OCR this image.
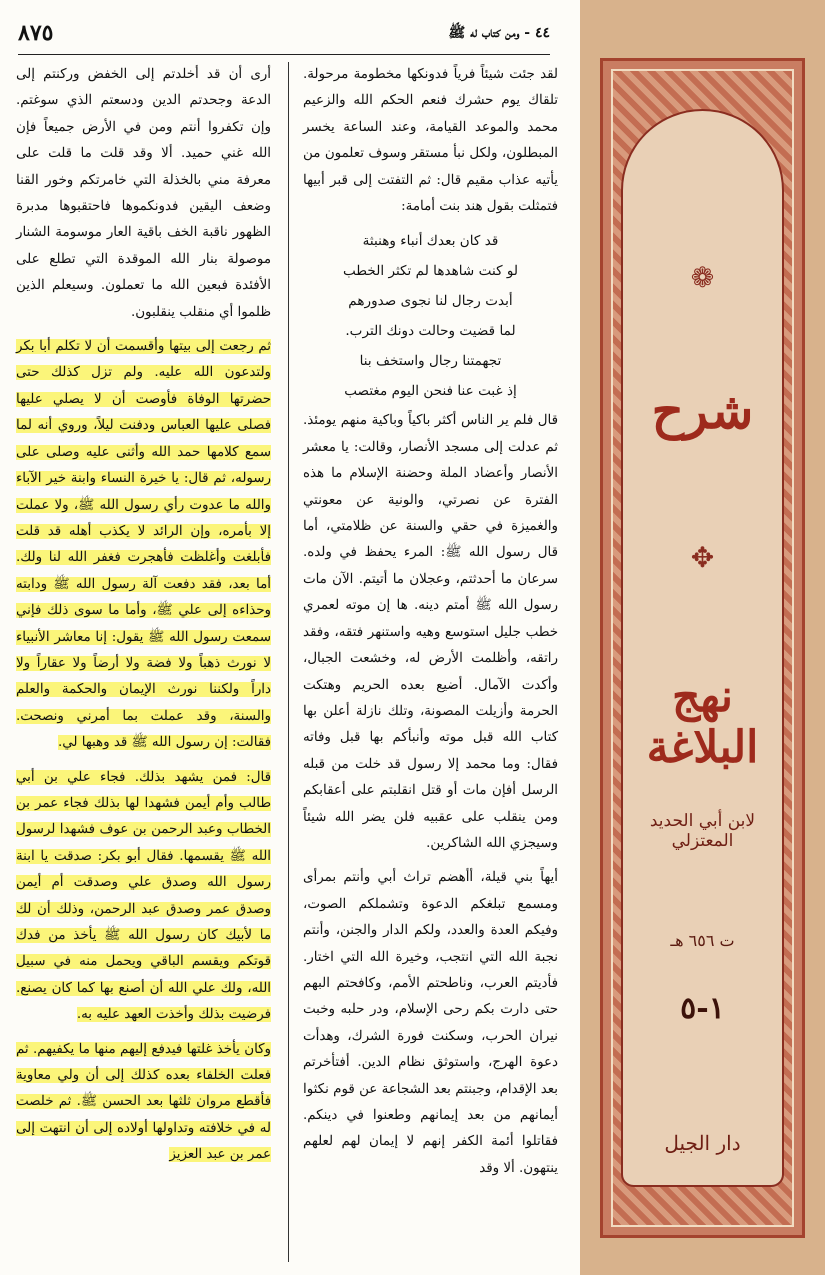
٨٧٥	٤٤ - ومن كتاب له ﷺ
لقد جئت شيئاً فرياً فدونكها مخطومة مرحولة. تلقاك يوم حشرك فنعم الحكم الله والزعيم محمد والموعد القيامة، وعند الساعة يخسر المبطلون، ولكل نبأ مستقر وسوف تعلمون من يأتيه عذاب مقيم قال: ثم التفتت إلى قبر أبيها فتمثلت بقول هند بنت أمامة:
قد كان بعدك أنباء وهنبثة
لو كنت شاهدها لم تكثر الخطب
أبدت رجال لنا نجوى صدورهم
لما قضيت وحالت دونك الترب.
تجهمتنا رجال واستخف بنا
إذ غبت عنا فنحن اليوم مغتصب
قال فلم ير الناس أكثر باكياً وباكية منهم يومئذ. ثم عدلت إلى مسجد الأنصار، وقالت: يا معشر الأنصار وأعضاد الملة وحضنة الإسلام ما هذه الفترة عن نصرتي، والونية عن معونتي والغميزة في حقي والسنة عن ظلامتي، أما قال رسول الله ﷺ: المرء يحفظ في ولده. سرعان ما أحدثتم، وعجلان ما أتيتم. الآن مات رسول الله ﷺ أمتم دينه. ها إن موته لعمري خطب جليل استوسع وهيه واستنهر فتقه، وفقد راتقه، وأظلمت الأرض له، وخشعت الجبال، وأكدت الآمال. أضيع بعده الحريم وهتكت الحرمة وأزيلت المصونة، وتلك نازلة أعلن بها كتاب الله قبل موته وأنبأكم بها قبل وفاته فقال: وما محمد إلا رسول قد خلت من قبله الرسل أفإن مات أو قتل انقلبتم على أعقابكم ومن ينقلب على عقبيه فلن يضر الله شيئاً وسيجزي الله الشاكرين.
أيهاً بني قيلة، أأهضم تراث أبي وأنتم بمرأى ومسمع تبلغكم الدعوة وتشملكم الصوت، وفيكم العدة والعدد، ولكم الدار والجنن، وأنتم نجبة الله التي انتجب، وخيرة الله التي اختار. فأديتم العرب، وناطحتم الأمم، وكافحتم البهم حتى دارت بكم رحى الإسلام، ودر حلبه وخبت نيران الحرب، وسكنت فورة الشرك، وهدأت دعوة الهرج، واستوثق نظام الدين. أفتأخرتم بعد الإقدام، وجبنتم بعد الشجاعة عن قوم نكثوا أيمانهم من بعد إيمانهم وطعنوا في دينكم. فقاتلوا أئمة الكفر إنهم لا إيمان لهم لعلهم ينتهون. ألا وقد
أرى أن قد أخلدتم إلى الخفض وركنتم إلى الدعة وجحدتم الدين ودسعتم الذي سوغتم. وإن تكفروا أنتم ومن في الأرض جميعاً فإن الله غني حميد. ألا وقد قلت ما قلت على معرفة مني بالخذلة التي خامرتكم وخور القنا وضعف اليقين فدونكموها فاحتقبوها مدبرة الظهور ناقبة الخف باقية العار موسومة الشنار موصولة بنار الله الموقدة التي تطلع على الأفئدة فبعين الله ما تعملون. وسيعلم الذين ظلموا أي منقلب ينقلبون.
ثم رجعت إلى بيتها وأقسمت أن لا تكلم أبا بكر ولتدعون الله عليه. ولم تزل كذلك حتى حضرتها الوفاة فأوصت أن لا يصلي عليها فصلى عليها العباس ودفنت ليلاً، وروي أنه لما سمع كلامها حمد الله وأثنى عليه وصلى على رسوله، ثم قال: يا خيرة النساء وابنة خير الآباء والله ما عدوت رأي رسول الله ﷺ، ولا عملت إلا بأمره، وإن الرائد لا يكذب أهله قد قلت فأبلغت وأغلظت فأهجرت فغفر الله لنا ولك. أما بعد، فقد دفعت آلة رسول الله ﷺ ودابته وحذاءه إلى علي ﷺ، وأما ما سوى ذلك فإني سمعت رسول الله ﷺ يقول: إنا معاشر الأنبياء لا نورث ذهباً ولا فضة ولا أرضاً ولا عقاراً ولا داراً ولكننا نورث الإيمان والحكمة والعلم والسنة، وقد عملت بما أمرني ونصحت. فقالت: إن رسول الله ﷺ قد وهبها لي.
قال: فمن يشهد بذلك. فجاء علي بن أبي طالب وأم أيمن فشهدا لها بذلك فجاء عمر بن الخطاب وعبد الرحمن بن عوف فشهدا لرسول الله ﷺ يقسمها. فقال أبو بكر: صدقت يا ابنة رسول الله وصدق علي وصدقت أم أيمن وصدق عمر وصدق عبد الرحمن، وذلك أن لك ما لأبيك كان رسول الله ﷺ يأخذ من فدك قوتكم ويقسم الباقي ويحمل منه في سبيل الله، ولك علي الله أن أصنع بها كما كان يصنع. فرضيت بذلك وأخذت العهد عليه به.
وكان يأخذ غلتها فيدفع إليهم منها ما يكفيهم. ثم فعلت الخلفاء بعده كذلك إلى أن ولي معاوية فأقطع مروان ثلثها بعد الحسن ﷺ. ثم خلصت له في خلافته وتداولها أولاده إلى أن انتهت إلى عمر بن عبد العزيز
❁
شرح
✥
نهج البلاغة
لابن أبي الحديد المعتزلي
ت ٦٥٦ هـ
١-٥
دار الجيل
